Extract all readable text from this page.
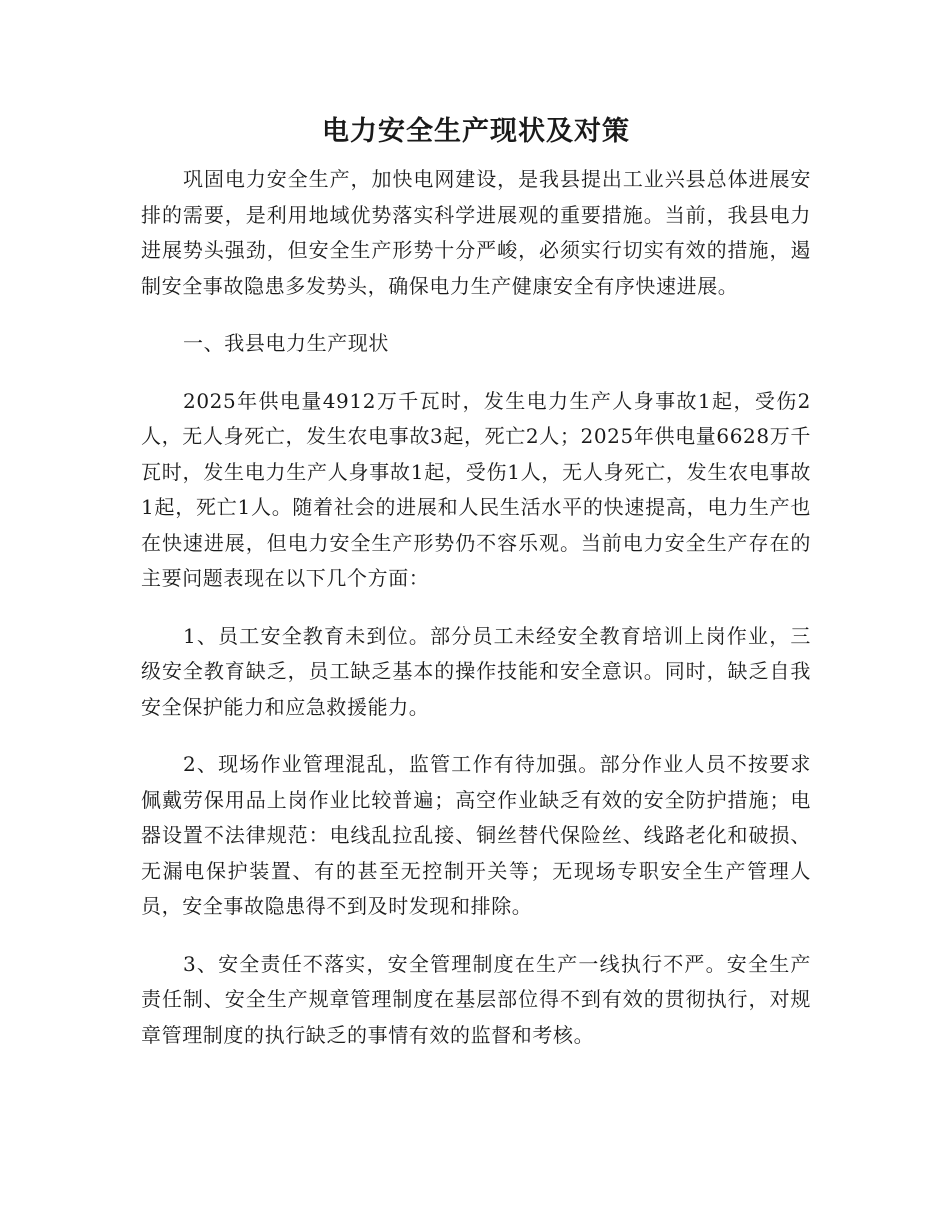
电力安全生产现状及对策

巩固电力安全生产，加快电网建设，是我县提出工业兴县总体进展安排的需要，是利用地域优势落实科学进展观的重要措施。当前，我县电力进展势头强劲，但安全生产形势十分严峻，必须实行切实有效的措施，遏制安全事故隐患多发势头，确保电力生产健康安全有序快速进展。

一、我县电力生产现状

2025年供电量4912万千瓦时，发生电力生产人身事故1起，受伤2人，无人身死亡，发生农电事故3起，死亡2人；2025年供电量6628万千瓦时，发生电力生产人身事故1起，受伤1人，无人身死亡，发生农电事故1起，死亡1人。随着社会的进展和人民生活水平的快速提高，电力生产也在快速进展，但电力安全生产形势仍不容乐观。当前电力安全生产存在的主要问题表现在以下几个方面：

1、员工安全教育未到位。部分员工未经安全教育培训上岗作业，三级安全教育缺乏，员工缺乏基本的操作技能和安全意识。同时，缺乏自我安全保护能力和应急救援能力。

2、现场作业管理混乱，监管工作有待加强。部分作业人员不按要求佩戴劳保用品上岗作业比较普遍；高空作业缺乏有效的安全防护措施；电器设置不法律规范：电线乱拉乱接、铜丝替代保险丝、线路老化和破损、无漏电保护装置、有的甚至无控制开关等；无现场专职安全生产管理人员，安全事故隐患得不到及时发现和排除。

3、安全责任不落实，安全管理制度在生产一线执行不严。安全生产责任制、安全生产规章管理制度在基层部位得不到有效的贯彻执行，对规章管理制度的执行缺乏的事情有效的监督和考核。
